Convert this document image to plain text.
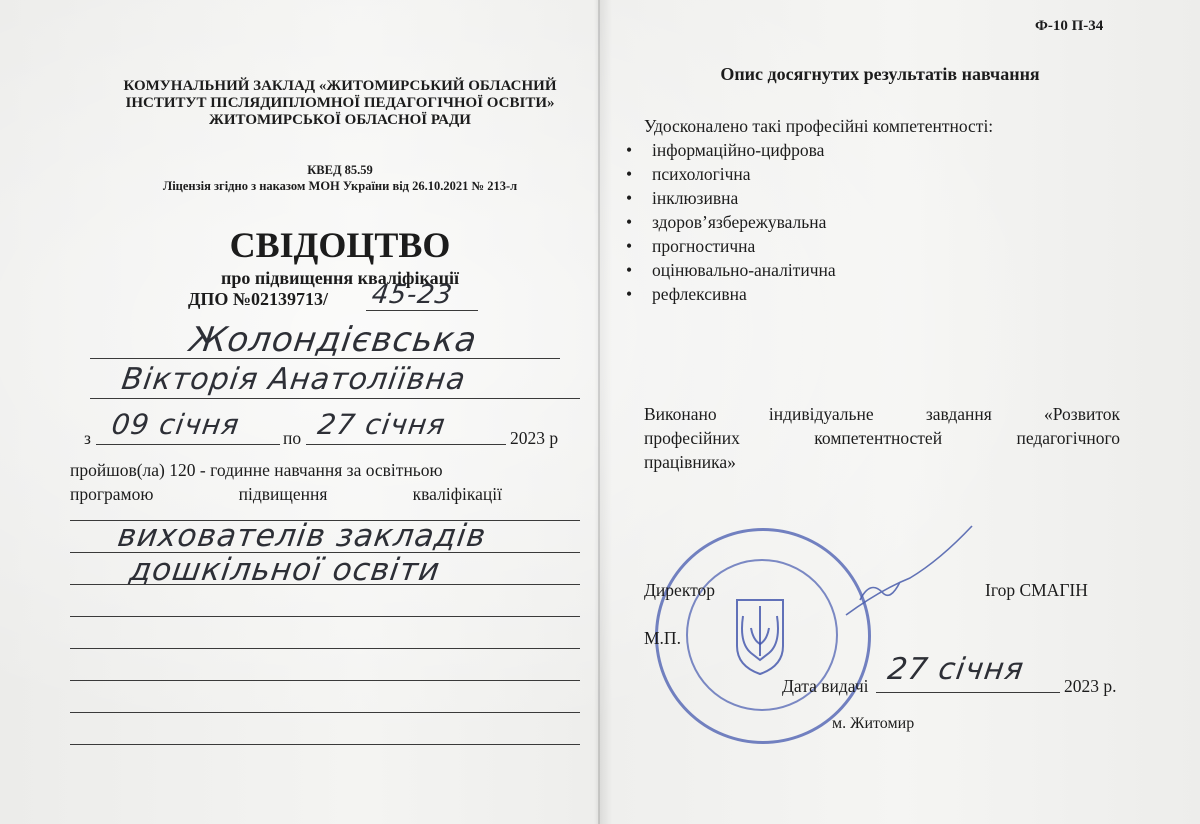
Ф-10 П-34
КОМУНАЛЬНИЙ ЗАКЛАД «ЖИТОМИРСЬКИЙ ОБЛАСНИЙ
ІНСТИТУТ ПІСЛЯДИПЛОМНОЇ ПЕДАГОГІЧНОЇ ОСВІТИ»
ЖИТОМИРСЬКОЇ ОБЛАСНОЇ РАДИ
КВЕД 85.59
Ліцензія згідно з наказом МОН України від 26.10.2021 № 213-л
СВІДОЦТВО
про підвищення кваліфікації
ДПО №02139713/ 45-23
Жолондієвська
Вікторія Анатоліївна
з 09 січня по 27 січня	2023 р
пройшов(ла) 120 - годинне навчання за освітньою
програмою	підвищення	кваліфікації
вихователів закладів
дошкільної освіти
Опис досягнутих результатів навчання
Удосконалено такі професійні компетентності:
• інформаційно-цифрова
• психологічна
• інклюзивна
• здоров’язбережувальна
• прогностична
• оцінювально-аналітична
• рефлексивна
Виконано індивідуальне завдання «Розвиток
професійних компетентностей педагогічного
працівника»
Директор	Ігор СМАГІН
М.П.
Дата видачі 27 січня 2023 р.
м. Житомир
